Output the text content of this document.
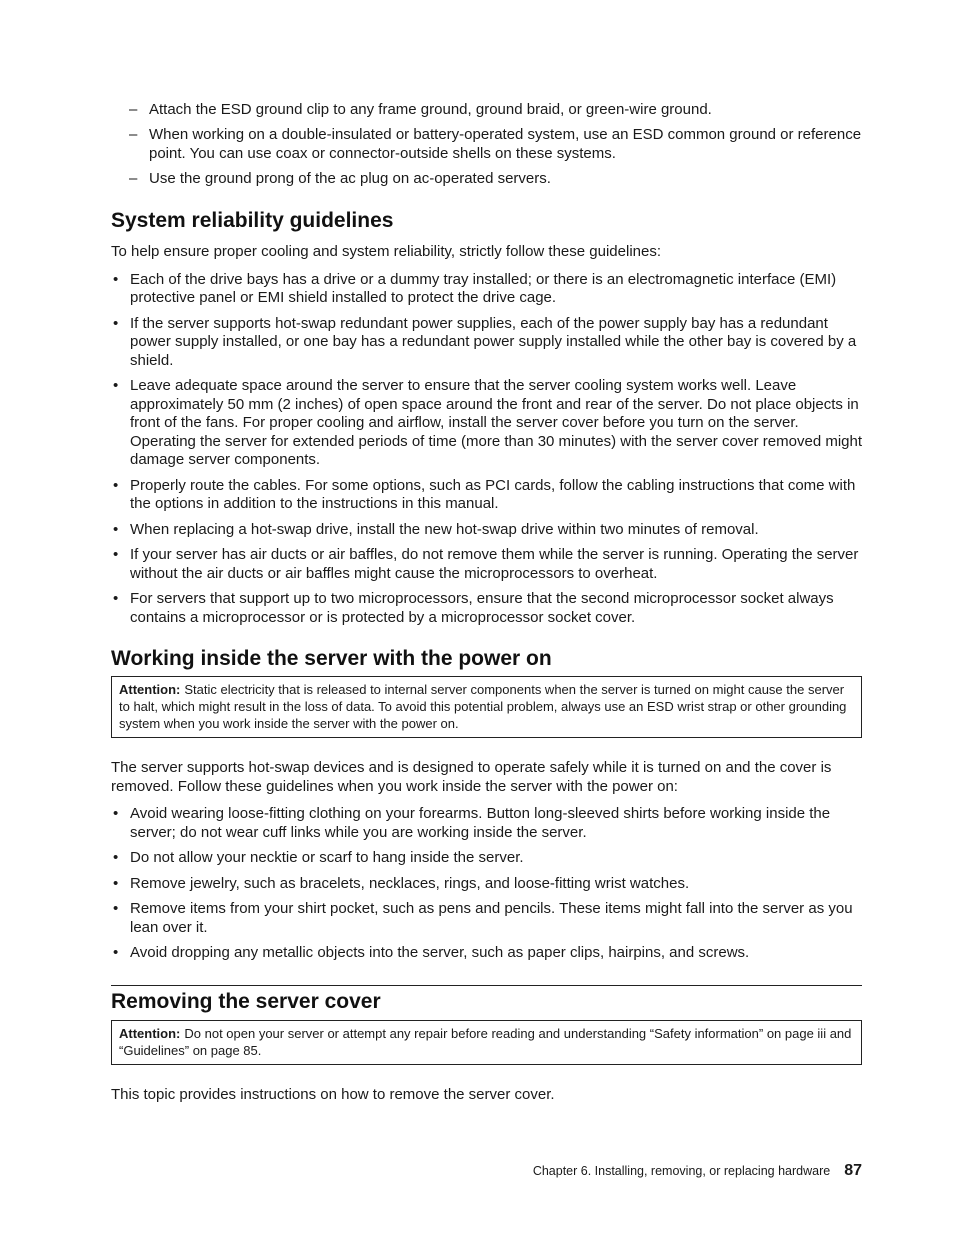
– Attach the ESD ground clip to any frame ground, ground braid, or green-wire ground.
– When working on a double-insulated or battery-operated system, use an ESD common ground or reference point. You can use coax or connector-outside shells on these systems.
– Use the ground prong of the ac plug on ac-operated servers.
System reliability guidelines

To help ensure proper cooling and system reliability, strictly follow these guidelines:

• Each of the drive bays has a drive or a dummy tray installed; or there is an electromagnetic interface (EMI) protective panel or EMI shield installed to protect the drive cage.
• If the server supports hot-swap redundant power supplies, each of the power supply bay has a redundant power supply installed, or one bay has a redundant power supply installed while the other bay is covered by a shield.
• Leave adequate space around the server to ensure that the server cooling system works well. Leave approximately 50 mm (2 inches) of open space around the front and rear of the server. Do not place objects in front of the fans. For proper cooling and airflow, install the server cover before you turn on the server. Operating the server for extended periods of time (more than 30 minutes) with the server cover removed might damage server components.
• Properly route the cables. For some options, such as PCI cards, follow the cabling instructions that come with the options in addition to the instructions in this manual.
• When replacing a hot-swap drive, install the new hot-swap drive within two minutes of removal.
• If your server has air ducts or air baffles, do not remove them while the server is running. Operating the server without the air ducts or air baffles might cause the microprocessors to overheat.
• For servers that support up to two microprocessors, ensure that the second microprocessor socket always contains a microprocessor or is protected by a microprocessor socket cover.
Working inside the server with the power on
Attention: Static electricity that is released to internal server components when the server is turned on might cause the server to halt, which might result in the loss of data. To avoid this potential problem, always use an ESD wrist strap or other grounding system when you work inside the server with the power on.

The server supports hot-swap devices and is designed to operate safely while it is turned on and the cover is removed. Follow these guidelines when you work inside the server with the power on:

• Avoid wearing loose-fitting clothing on your forearms. Button long-sleeved shirts before working inside the server; do not wear cuff links while you are working inside the server.
• Do not allow your necktie or scarf to hang inside the server.
• Remove jewelry, such as bracelets, necklaces, rings, and loose-fitting wrist watches.
• Remove items from your shirt pocket, such as pens and pencils. These items might fall into the server as you lean over it.
• Avoid dropping any metallic objects into the server, such as paper clips, hairpins, and screws.
Removing the server cover
Attention: Do not open your server or attempt any repair before reading and understanding “Safety information” on page iii and “Guidelines” on page 85.

This topic provides instructions on how to remove the server cover.

Chapter 6. Installing, removing, or replacing hardware 87
